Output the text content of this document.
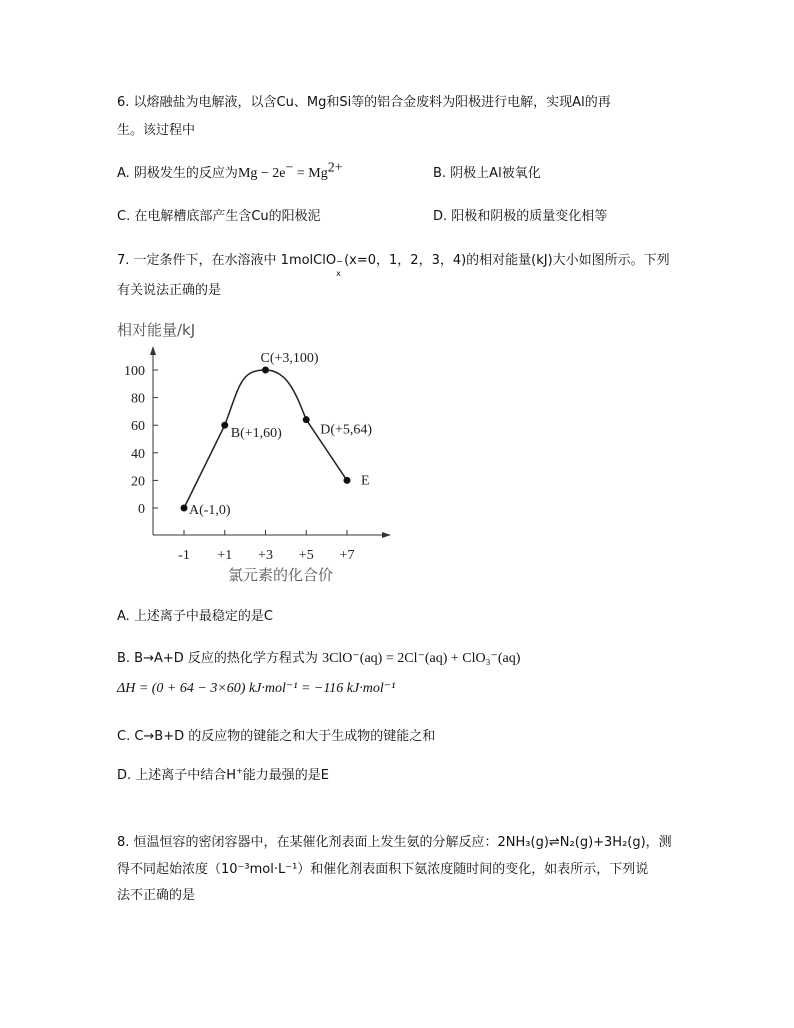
6. 以熔融盐为电解液，以含Cu、Mg和Si等的铝合金废料为阳极进行电解，实现Al的再
生。该过程中
A. 阴极发生的反应为$Mg - 2e^- = Mg^{2+}$	B. 阴极上Al被氧化
C. 在电解槽底部产生含Cu的阳极泥	D. 阳极和阴极的质量变化相等
7. 一定条件下，在水溶液中 1molClO −
x
(x=0，1，2，3，4)的相对能量(kJ)大小如图所示。下列
有关说法正确的是
相对能量/kJ
氯元素的化合价
0
20
40
60
80
100
-1 +1 +3 +5 +7
A(-1,0)
B(+1,60)
C(+3,100)
D(+5,64)
E
A. 上述离子中最稳定的是C
B. B→A+D 反应的热化学方程式为 3ClO⁻(aq) = 2Cl⁻(aq) + ClO₃⁻(aq)
ΔH = (0 + 64 − 3×60) kJ·mol⁻¹ = −116 kJ·mol⁻¹
C. C→B+D 的反应物的键能之和大于生成物的键能之和
D. 上述离子中结合H+能力最强的是E
8. 恒温恒容的密闭容器中，在某催化剂表面上发生氨的分解反应：2NH₃(g)⇌N₂(g)+3H₂(g)，测
得不同起始浓度（10⁻³mol·L⁻¹）和催化剂表面积下氨浓度随时间的变化，如表所示，下列说
法不正确的是
